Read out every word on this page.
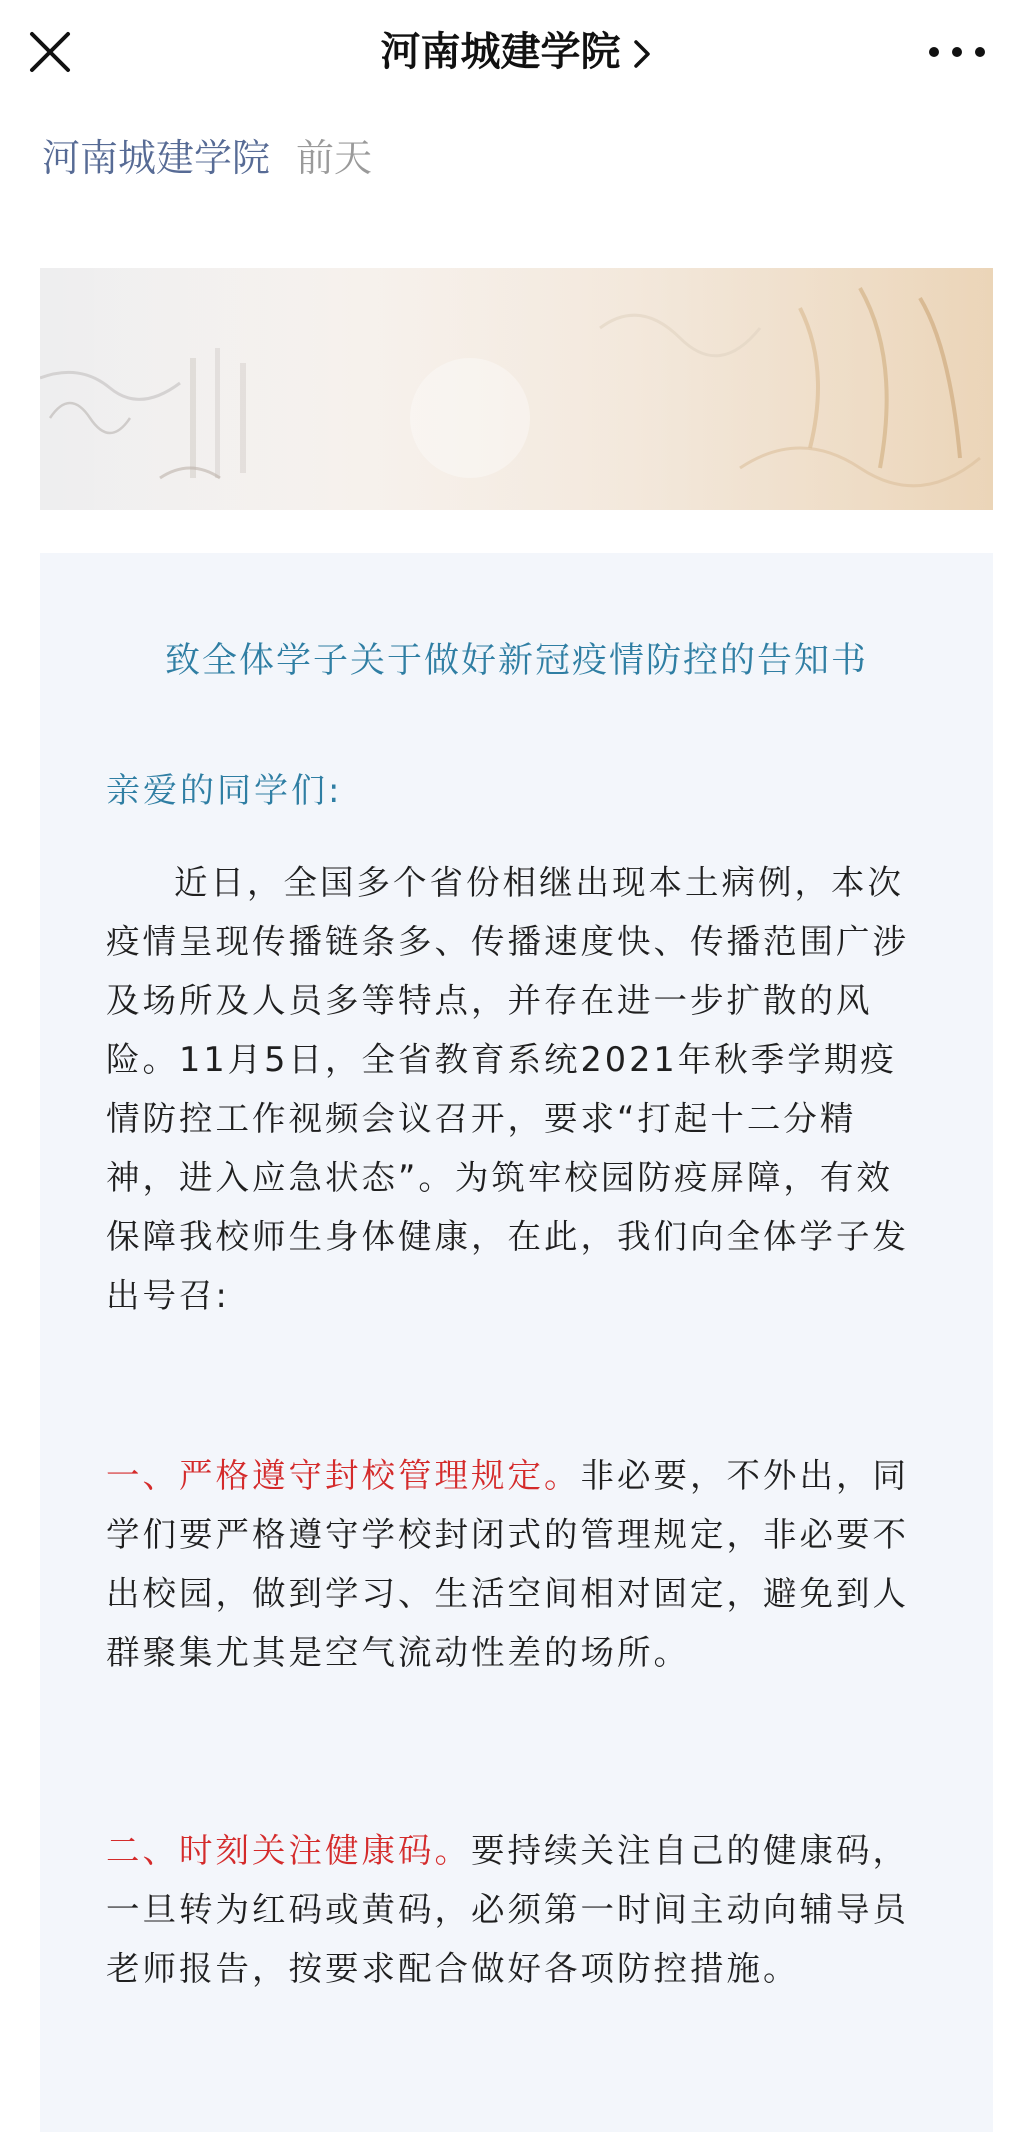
河南城建学院
河南城建学院 前天
致全体学子关于做好新冠疫情防控的告知书
亲爱的同学们:
近日，全国多个省份相继出现本土病例，本次疫情呈现传播链条多、传播速度快、传播范围广涉及场所及人员多等特点，并存在进一步扩散的风险。11月5日，全省教育系统2021年秋季学期疫情防控工作视频会议召开，要求“打起十二分精神，进入应急状态”。为筑牢校园防疫屏障，有效保障我校师生身体健康，在此，我们向全体学子发出号召:
一、严格遵守封校管理规定。非必要，不外出，同学们要严格遵守学校封闭式的管理规定，非必要不出校园，做到学习、生活空间相对固定，避免到人群聚集尤其是空气流动性差的场所。
二、时刻关注健康码。要持续关注自己的健康码，一旦转为红码或黄码，必须第一时间主动向辅导员老师报告，按要求配合做好各项防控措施。
